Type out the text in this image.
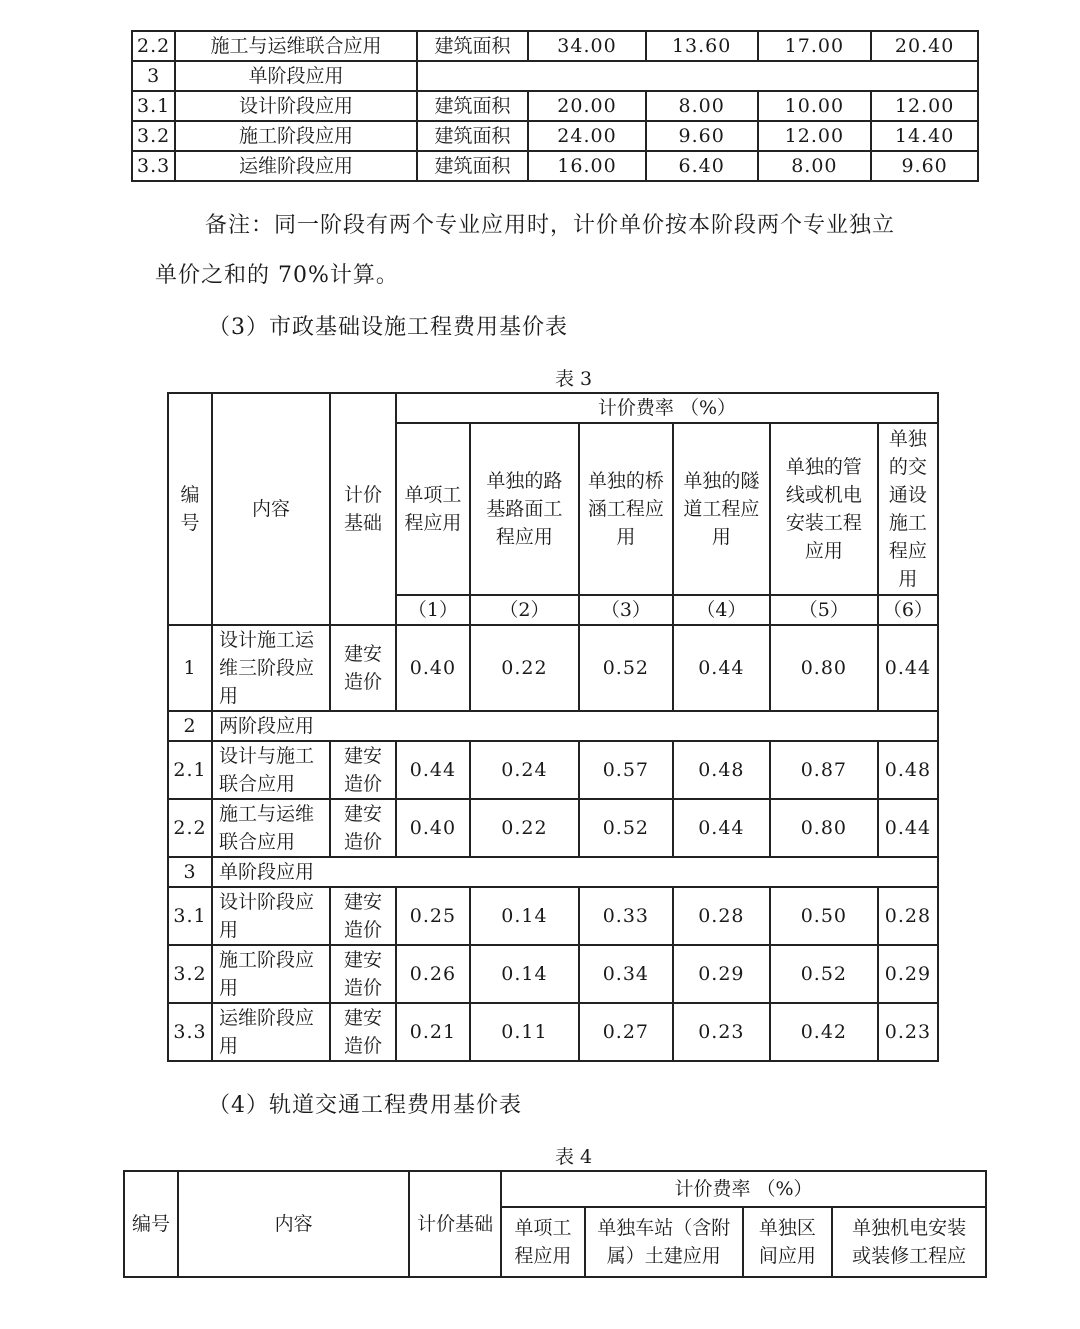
2.2	施工与运维联合应用	建筑面积	34.00	13.60	17.00	20.40
3	单阶段应用					
3.1	设计阶段应用	建筑面积	20.00	8.00	10.00	12.00
3.2	施工阶段应用	建筑面积	24.00	9.60	12.00	14.40
3.3	运维阶段应用	建筑面积	16.00	6.40	8.00	9.60
备注：同一阶段有两个专业应用时，计价单价按本阶段两个专业独立
单价之和的 70%计算。
（3）市政基础设施工程费用基价表
表 3
编号	内容	计价基础	计价费率 （%）					
			单项工程应用	单独的路基路面工程应用	单独的桥涵工程应用	单独的隧道工程应用	单独的管线或机电安装工程应用	单独的交通设施工程应用
			（1）	（2）	（3）	（4）	（5）	（6）
1	设计施工运维三阶段应用	建安造价	0.40	0.22	0.52	0.44	0.80	0.44
2	两阶段应用							
2.1	设计与施工联合应用	建安造价	0.44	0.24	0.57	0.48	0.87	0.48
2.2	施工与运维联合应用	建安造价	0.40	0.22	0.52	0.44	0.80	0.44
3	单阶段应用							
3.1	设计阶段应用	建安造价	0.25	0.14	0.33	0.28	0.50	0.28
3.2	施工阶段应用	建安造价	0.26	0.14	0.34	0.29	0.52	0.29
3.3	运维阶段应用	建安造价	0.21	0.11	0.27	0.23	0.42	0.23
（4）轨道交通工程费用基价表
表 4
编号	内容	计价基础	计价费率 （%）			
			单项工程应用	单独车站（含附属）土建应用	单独区间应用	单独机电安装或装修工程应
